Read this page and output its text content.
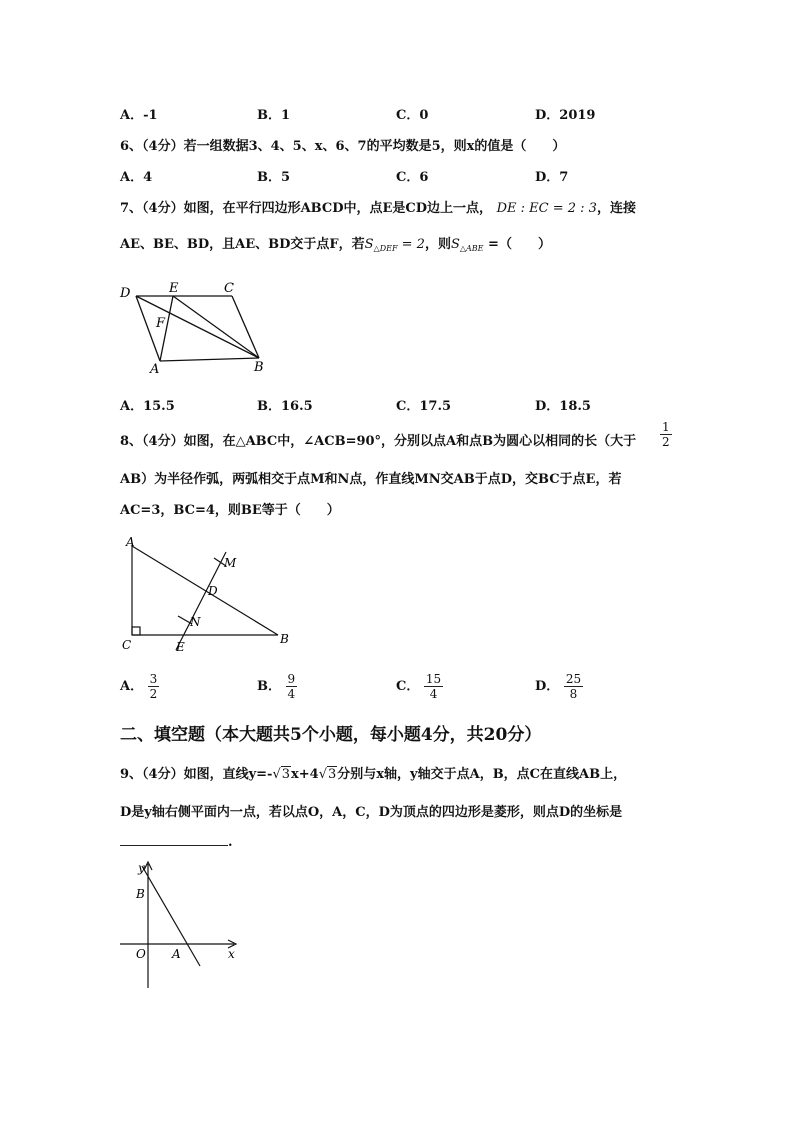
A．-1	B．1	C．0	D．2019
6、（4分）若一组数据3、4、5、x、6、7的平均数是5，则x的值是（　　）
A．4	B．5	C．6	D．7
7、（4分）如图，在平行四边形ABCD中，点E是CD边上一点， DE : EC = 2 : 3，连接
AE、BE、BD，且AE、BD交于点F，若$S_{\triangle DEF} = 2$，则$S_{\triangle ABE}$ =（　　）
D	E	C
F
A	B
A．15.5	B．16.5	C．17.5	D．18.5
8、（4分）如图，在△ABC中，∠ACB=90°，分别以点A和点B为圆心以相同的长（大于 $\frac{1}{2}$
AB）为半径作弧，两弧相交于点M和N点，作直线MN交AB于点D，交BC于点E，若
AC=3，BC=4，则BE等于（　　）
A
M
D
N
C	E
B
A． $\frac{3}{2}$	B． $\frac{9}{4}$	C． $\frac{15}{4}$	D． $\frac{25}{8}$
二、填空题（本大题共5个小题，每小题4分，共20分）
9、（4分）如图，直线y=-√3x+4√3分别与x轴，y轴交于点A，B，点C在直线AB上，
D是y轴右侧平面内一点，若以点O，A，C，D为顶点的四边形是菱形，则点D的坐标是
.
y
B
O A	x
